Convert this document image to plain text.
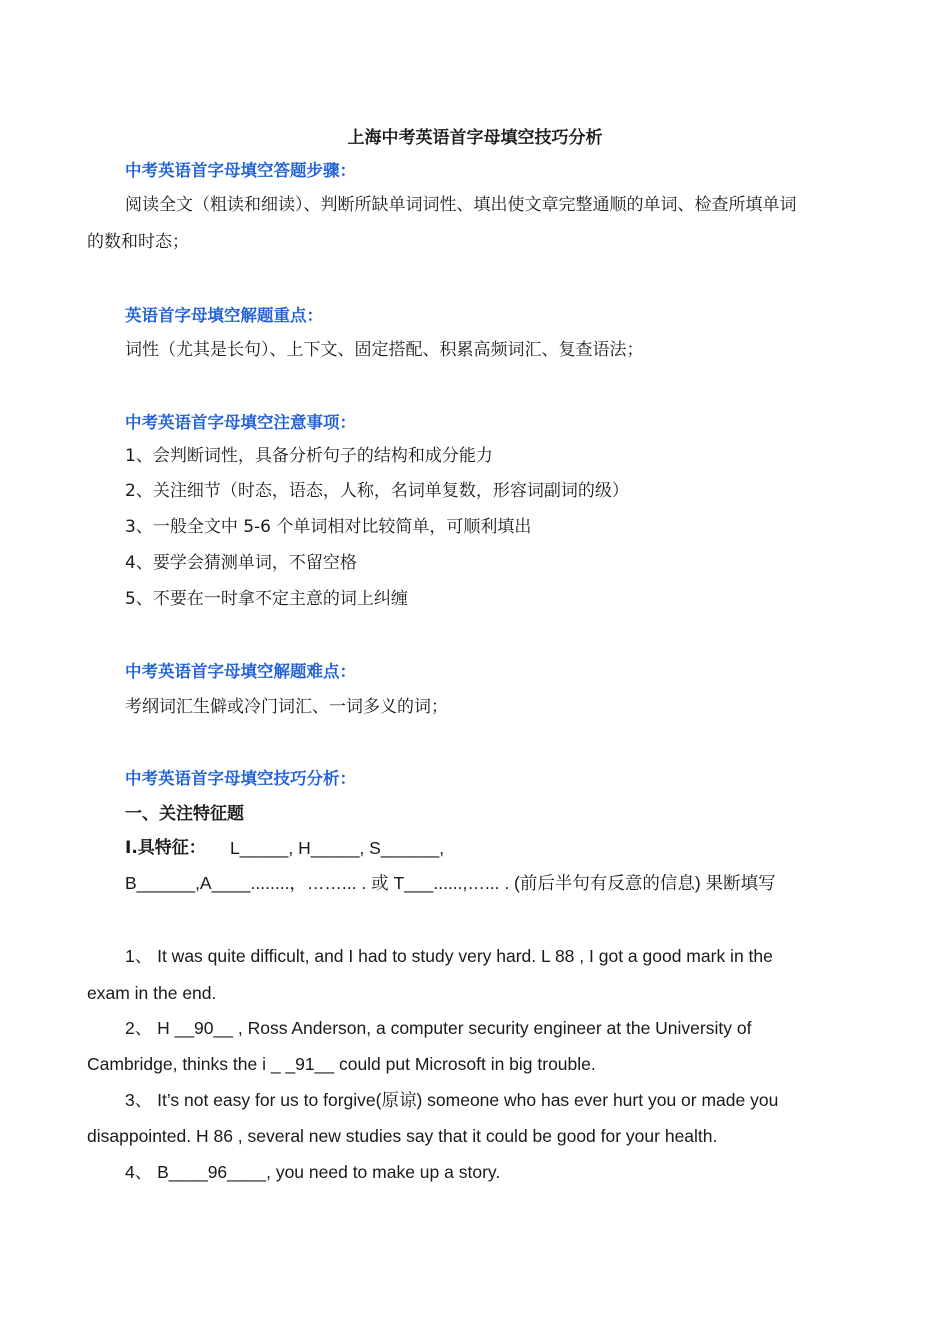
上海中考英语首字母填空技巧分析
中考英语首字母填空答题步骤：
阅读全文（粗读和细读）、判断所缺单词词性、填出使文章完整通顺的单词、检查所填单词
的数和时态；
英语首字母填空解题重点：
词性（尤其是长句）、上下文、固定搭配、积累高频词汇、复查语法；
中考英语首字母填空注意事项：
1、会判断词性，具备分析句子的结构和成分能力
2、关注细节（时态，语态，人称，名词单复数，形容词副词的级）
3、一般全文中 5-6 个单词相对比较简单，可顺利填出
4、要学会猜测单词，不留空格
5、不要在一时拿不定主意的词上纠缠
中考英语首字母填空解题难点：
考纲词汇生僻或冷门词汇、一词多义的词；
中考英语首字母填空技巧分析：
一、关注特征题
I.具特征： L_____, H_____, S______,
B______,A____........，……... . 或 T___......,…... . (前后半句有反意的信息) 果断填写
1、 It was quite difficult, and I had to study very hard. L 88 , I got a good mark in the
exam in the end.
2、 H __90__ , Ross Anderson, a computer security engineer at the University of
Cambridge, thinks the i _ _91__ could put Microsoft in big trouble.
3、 It’s not easy for us to forgive(原谅) someone who has ever hurt you or made you
disappointed. H 86 , several new studies say that it could be good for your health.
4、 B____96____, you need to make up a story.
